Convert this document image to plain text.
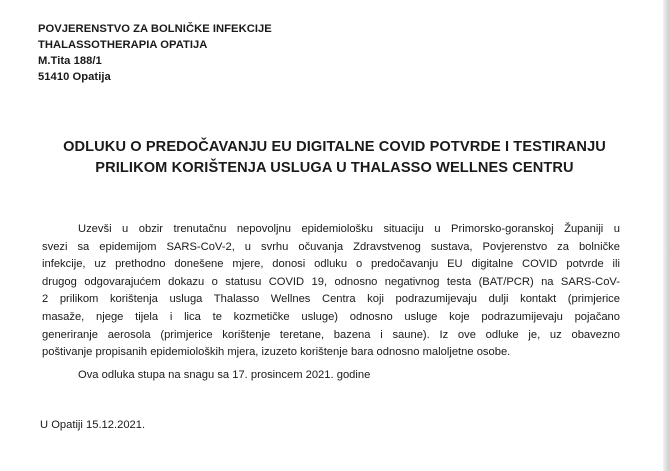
POVJERENSTVO ZA BOLNIČKE INFEKCIJE
THALASSOTHERAPIA OPATIJA
M.Tita 188/1
51410 Opatija
ODLUKU O PREDOČAVANJU EU DIGITALNE COVID POTVRDE I TESTIRANJU
PRILIKOM KORIŠTENJA USLUGA U THALASSO WELLNES CENTRU
Uzevši u obzir trenutačnu nepovoljnu epidemiološku situaciju u Primorsko-goranskoj Županiji u
svezi sa epidemijom SARS-CoV-2, u svrhu očuvanja Zdravstvenog sustava, Povjerenstvo za bolničke
infekcije, uz prethodno donešene mjere, donosi odluku o predočavanju EU digitalne COVID potvrde ili
drugog odgovarajućem dokazu o statusu COVID 19, odnosno negativnog testa (BAT/PCR) na SARS-CoV-
2 prilikom korištenja usluga Thalasso Wellnes Centra koji podrazumijevaju dulji kontakt (primjerice
masaže, njege tijela i lica te kozmetičke usluge) odnosno usluge koje podrazumijevaju pojačano
generiranje aerosola (primjerice korištenje teretane, bazena i saune). Iz ove odluke je, uz obavezno
poštivanje propisanih epidemioloških mjera, izuzeto korištenje bara odnosno maloljetne osobe.
Ova odluka stupa na snagu sa 17. prosincem 2021. godine
U Opatiji 15.12.2021.
